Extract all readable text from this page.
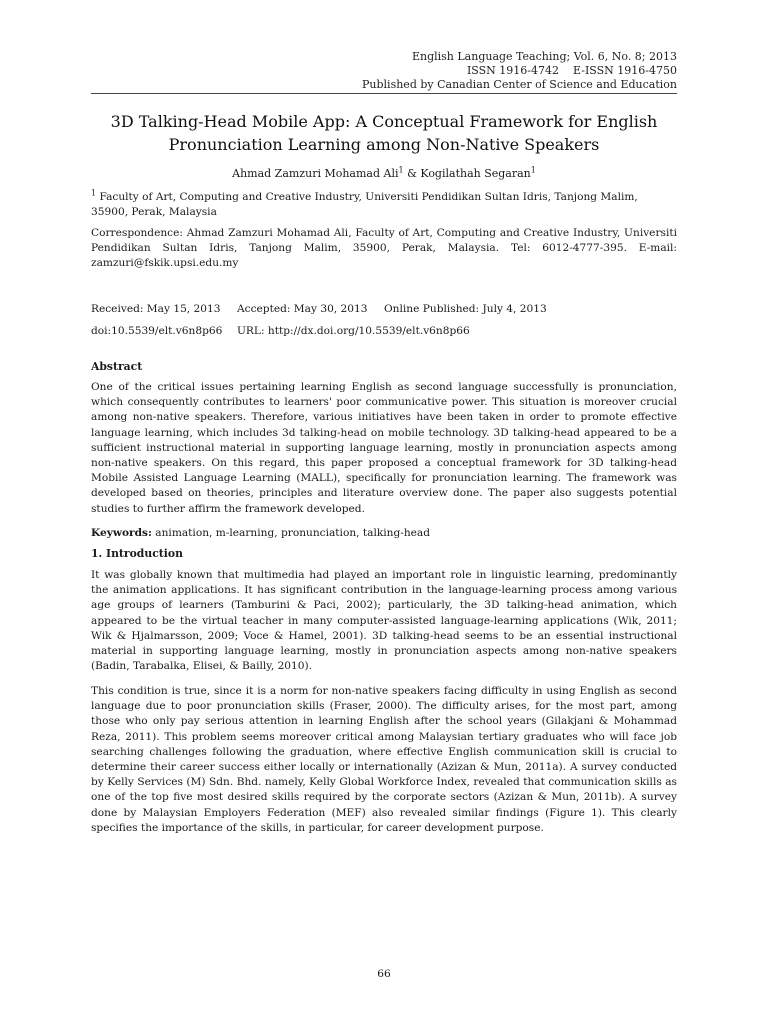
English Language Teaching; Vol. 6, No. 8; 2013
ISSN 1916-4742    E-ISSN 1916-4750
Published by Canadian Center of Science and Education
3D Talking-Head Mobile App: A Conceptual Framework for English
Pronunciation Learning among Non-Native Speakers
Ahmad Zamzuri Mohamad Ali$^1$ & Kogilathah Segaran$^1$
$^1$ Faculty of Art, Computing and Creative Industry, Universiti Pendidikan Sultan Idris, Tanjong Malim, 35900, Perak, Malaysia
Correspondence: Ahmad Zamzuri Mohamad Ali, Faculty of Art, Computing and Creative Industry, Universiti Pendidikan Sultan Idris, Tanjong Malim, 35900, Perak, Malaysia. Tel: 6012-4777-395. E-mail: zamzuri@fskik.upsi.edu.my
Received: May 15, 2013 Accepted: May 30, 2013 Online Published: July 4, 2013
doi:10.5539/elt.v6n8p66 URL: http://dx.doi.org/10.5539/elt.v6n8p66
Abstract
One of the critical issues pertaining learning English as second language successfully is pronunciation, which consequently contributes to learners' poor communicative power. This situation is moreover crucial among non-native speakers. Therefore, various initiatives have been taken in order to promote effective language learning, which includes 3d talking-head on mobile technology. 3D talking-head appeared to be a sufficient instructional material in supporting language learning, mostly in pronunciation aspects among non-native speakers. On this regard, this paper proposed a conceptual framework for 3D talking-head Mobile Assisted Language Learning (MALL), specifically for pronunciation learning. The framework was developed based on theories, principles and literature overview done. The paper also suggests potential studies to further affirm the framework developed.
Keywords: animation, m-learning, pronunciation, talking-head
1. Introduction
It was globally known that multimedia had played an important role in linguistic learning, predominantly the animation applications. It has significant contribution in the language-learning process among various age groups of learners (Tamburini & Paci, 2002); particularly, the 3D talking-head animation, which appeared to be the virtual teacher in many computer-assisted language-learning applications (Wik, 2011; Wik & Hjalmarsson, 2009; Voce & Hamel, 2001). 3D talking-head seems to be an essential instructional material in supporting language learning, mostly in pronunciation aspects among non-native speakers (Badin, Tarabalka, Elisei, & Bailly, 2010).
This condition is true, since it is a norm for non-native speakers facing difficulty in using English as second language due to poor pronunciation skills (Fraser, 2000). The difficulty arises, for the most part, among those who only pay serious attention in learning English after the school years (Gilakjani & Mohammad Reza, 2011). This problem seems moreover critical among Malaysian tertiary graduates who will face job searching challenges following the graduation, where effective English communication skill is crucial to determine their career success either locally or internationally (Azizan & Mun, 2011a). A survey conducted by Kelly Services (M) Sdn. Bhd. namely, Kelly Global Workforce Index, revealed that communication skills as one of the top five most desired skills required by the corporate sectors (Azizan & Mun, 2011b). A survey done by Malaysian Employers Federation (MEF) also revealed similar findings (Figure 1). This clearly specifies the importance of the skills, in particular, for career development purpose.
66
